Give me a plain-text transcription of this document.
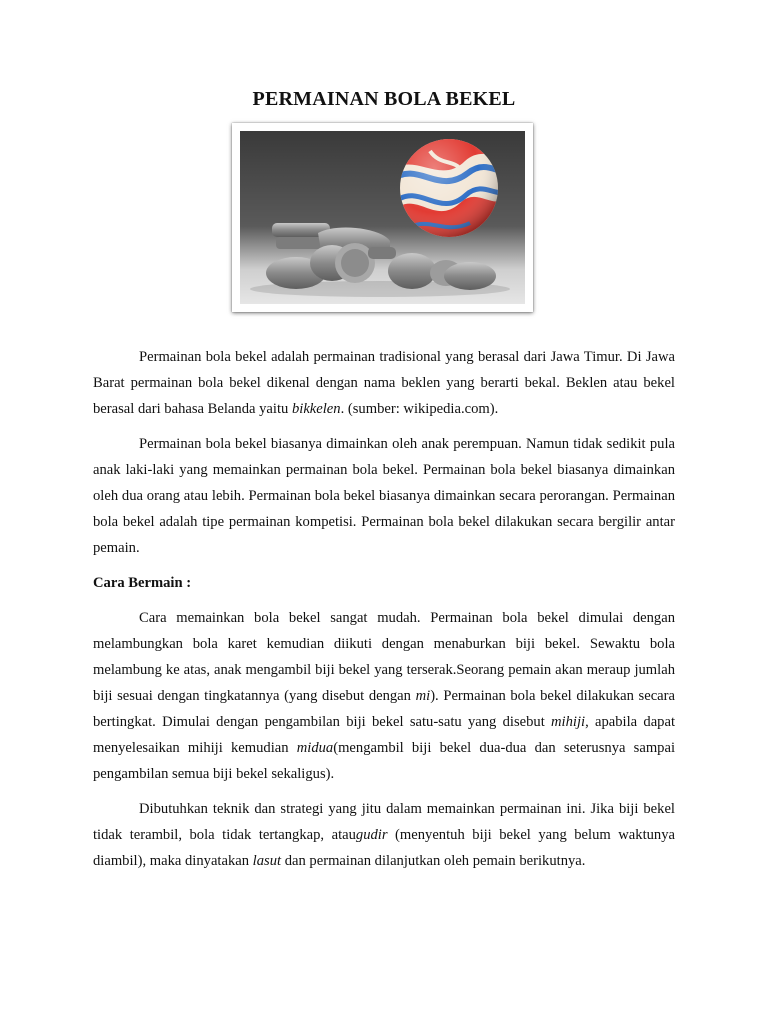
PERMAINAN BOLA BEKEL

Permainan bola bekel adalah permainan tradisional yang berasal dari Jawa Timur. Di Jawa Barat permainan bola bekel dikenal dengan nama beklen yang berarti bekal. Beklen atau bekel berasal dari bahasa Belanda yaitu bikkelen. (sumber: wikipedia.com).

Permainan bola bekel biasanya dimainkan oleh anak perempuan. Namun tidak sedikit pula anak laki-laki yang memainkan permainan bola bekel. Permainan bola bekel biasanya dimainkan oleh dua orang atau lebih. Permainan bola bekel biasanya dimainkan secara perorangan. Permainan bola bekel adalah tipe permainan kompetisi. Permainan bola bekel dilakukan secara bergilir antar pemain.

Cara Bermain :

Cara memainkan bola bekel sangat mudah. Permainan bola bekel dimulai dengan melambungkan bola karet kemudian diikuti dengan menaburkan biji bekel. Sewaktu bola melambung ke atas, anak mengambil biji bekel yang terserak.Seorang pemain akan meraup jumlah biji sesuai dengan tingkatannya (yang disebut dengan mi). Permainan bola bekel dilakukan secara bertingkat. Dimulai dengan pengambilan biji bekel satu-satu yang disebut mihiji, apabila dapat menyelesaikan mihiji kemudian midua(mengambil biji bekel dua-dua dan seterusnya sampai pengambilan semua biji bekel sekaligus).

Dibutuhkan teknik dan strategi yang jitu dalam memainkan permainan ini. Jika biji bekel tidak terambil, bola tidak tertangkap, ataugudir (menyentuh biji bekel yang belum waktunya diambil), maka dinyatakan lasut dan permainan dilanjutkan oleh pemain berikutnya.
